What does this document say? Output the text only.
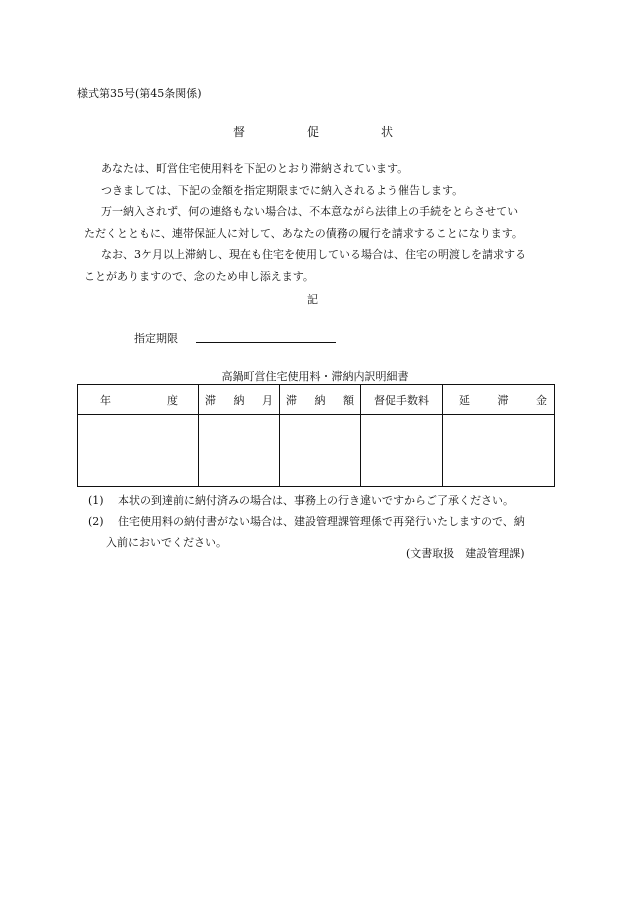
様式第35号(第45条関係)
督	促	状

あなたは、町営住宅使用料を下記のとおり滞納されています。

つきましては、下記の金額を指定期限までに納入されるよう催告します。

万一納入されず、何の連絡もない場合は、不本意ながら法律上の手続をとらさせてい

ただくとともに、連帯保証人に対して、あなたの債務の履行を請求することになります。

なお、3ケ月以上滞納し、現在も住宅を使用している場合は、住宅の明渡しを請求する

ことがありますので、念のため申し添えます。

記
指定期限
高鍋町営住宅使用料・滞納内訳明細書
年 度	滞 納 月	滞 納 額	督促手数料	延 滞 金

(1) 本状の到達前に納付済みの場合は、事務上の行き違いですからご了承ください。
(2) 住宅使用料の納付書がない場合は、建設管理課管理係で再発行いたしますので、納
入前においでください。
(文書取扱　建設管理課)
